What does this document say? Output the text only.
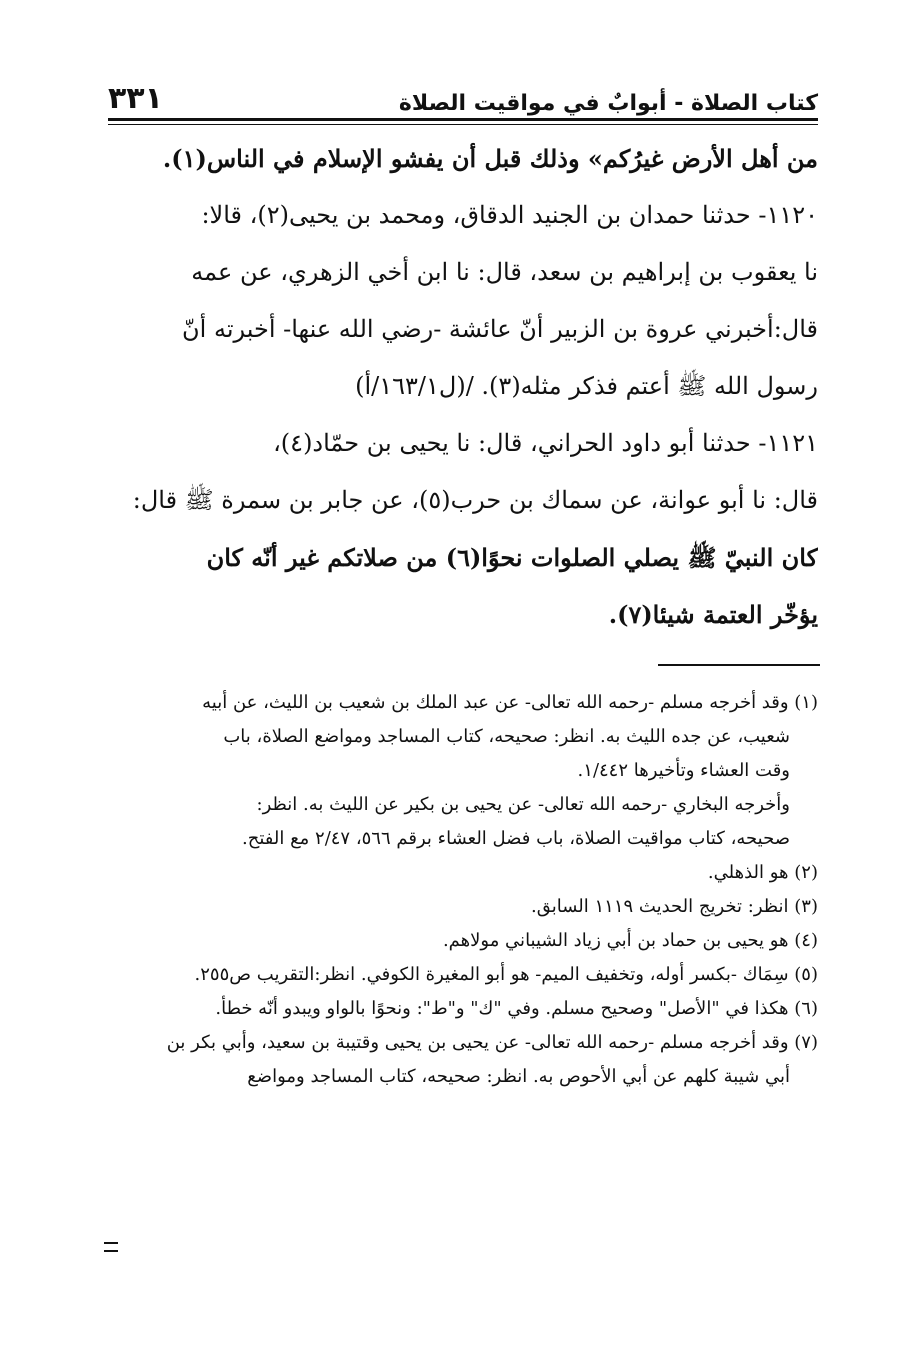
٣٣١	كتاب الصلاة - أبوابٌ في مواقيت الصلاة
من أهل الأرض غيرُكم» وذلك قبل أن يفشو الإسلام في الناس(١).
١١٢٠- حدثنا حمدان بن الجنيد الدقاق، ومحمد بن يحيى(٢)، قالا:
نا يعقوب بن إبراهيم بن سعد، قال: نا ابن أخي الزهري، عن عمه
قال:أخبرني عروة بن الزبير أنّ عائشة -رضي الله عنها- أخبرته أنّ
رسول الله ﷺ أعتم فذكر مثله(٣). /(ل١٦٣/١/أ)
١١٢١- حدثنا أبو داود الحراني، قال: نا يحيى بن حمّاد(٤)،
قال: نا أبو عوانة، عن سماك بن حرب(٥)، عن جابر بن سمرة ﷺ قال:
كان النبيّ ﷺ يصلي الصلوات نحوًا(٦) من صلاتكم غير أنّه كان
يؤخّر العتمة شيئا(٧).
(١) وقد أخرجه مسلم -رحمه الله تعالى- عن عبد الملك بن شعيب بن الليث، عن أبيه
شعيب، عن جده الليث به. انظر: صحيحه، كتاب المساجد ومواضع الصلاة، باب
وقت العشاء وتأخيرها ١/٤٤٢.
وأخرجه البخاري -رحمه الله تعالى- عن يحيى بن بكير عن الليث به. انظر:
صحيحه، كتاب مواقيت الصلاة، باب فضل العشاء برقم ٥٦٦، ٢/٤٧ مع الفتح.
(٢) هو الذهلي.
(٣) انظر: تخريج الحديث ١١١٩ السابق.
(٤) هو يحيى بن حماد بن أبي زياد الشيباني مولاهم.
(٥) سِمَاك -بكسر أوله، وتخفيف الميم- هو أبو المغيرة الكوفي. انظر:التقريب ص٢٥٥.
(٦) هكذا في "الأصل" وصحيح مسلم. وفي "ك" و"ط": ونحوًا بالواو ويبدو أنّه خطأ.
(٧) وقد أخرجه مسلم -رحمه الله تعالى- عن يحيى بن يحيى وقتيبة بن سعيد، وأبي بكر بن
أبي شيبة كلهم عن أبي الأحوص به. انظر: صحيحه، كتاب المساجد ومواضع
